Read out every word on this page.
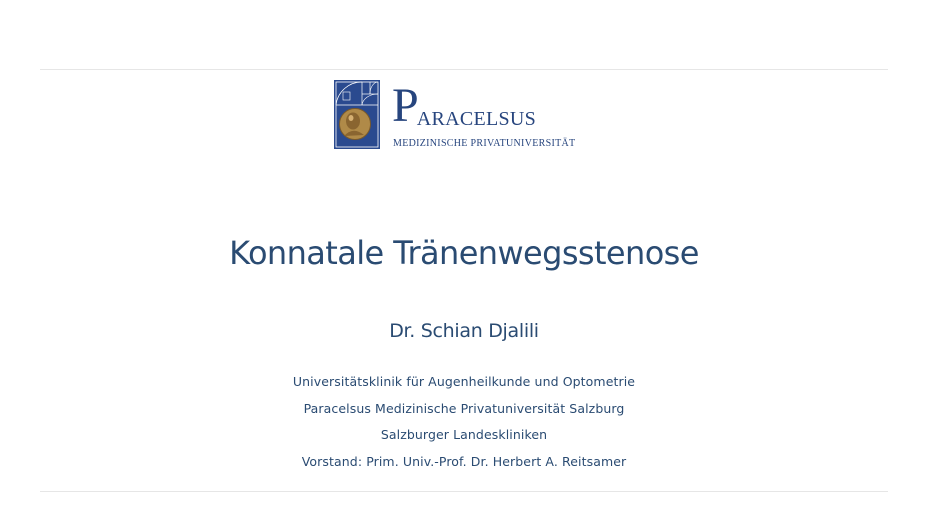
PARACELSUS
MEDIZINISCHE PRIVATUNIVERSITÄT
Konnatale Tränenwegsstenose
Dr. Schian Djalili
Universitätsklinik für Augenheilkunde und Optometrie
Paracelsus Medizinische Privatuniversität Salzburg
Salzburger Landeskliniken
Vorstand: Prim. Univ.-Prof. Dr. Herbert A. Reitsamer
